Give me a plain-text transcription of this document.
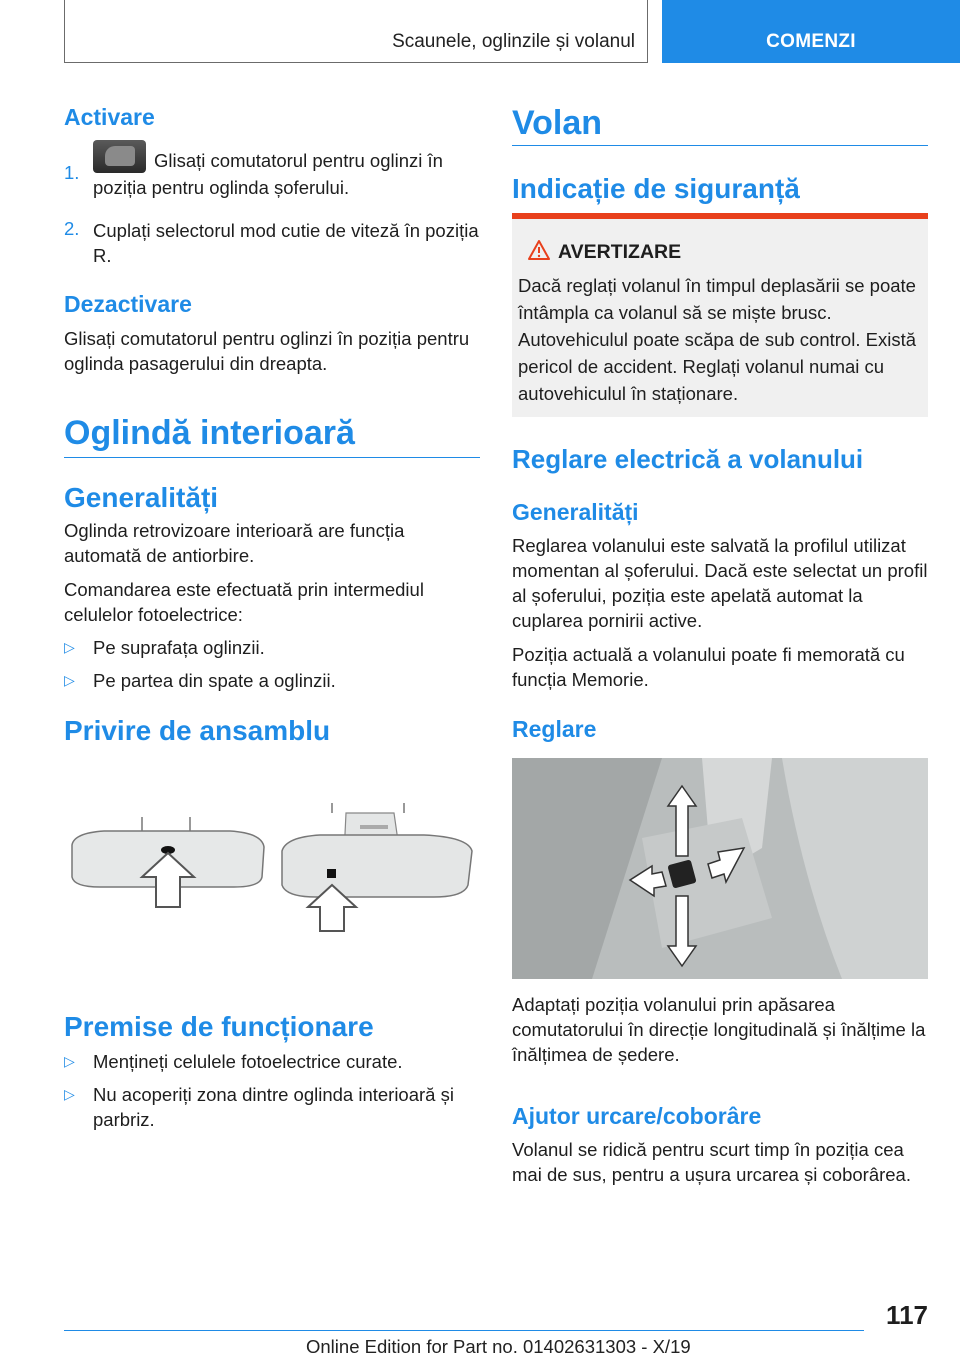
Scaunele, oglinzile și volanul	COMENZI
Activare
1.
Glisați comutatorul pentru oglinzi în poziția pentru oglinda șoferului.
2. Cuplați selectorul mod cutie de viteză în poziția R.
Dezactivare
Glisați comutatorul pentru oglinzi în poziția pentru oglinda pasagerului din dreapta.
Oglindă interioară
Generalități
Oglinda retrovizoare interioară are funcția automată de antiorbire.
Comandarea este efectuată prin intermediul celulelor fotoelectrice:
▷ Pe suprafața oglinzii.
▷ Pe partea din spate a oglinzii.
Privire de ansamblu
Premise de funcționare
▷ Mențineți celulele fotoelectrice curate.
▷ Nu acoperiți zona dintre oglinda interioară și parbriz.
Volan
Indicație de siguranță
AVERTIZARE
Dacă reglați volanul în timpul deplasării se poate întâmpla ca volanul să se miște brusc. Autovehiculul poate scăpa de sub control. Există pericol de accident. Reglați volanul numai cu autovehiculul în staționare.
Reglare electrică a volanului
Generalități
Reglarea volanului este salvată la profilul utilizat momentan al șoferului. Dacă este selectat un profil al șoferului, poziția este apelată automat la cuplarea pornirii active.
Poziția actuală a volanului poate fi memorată cu funcția Memorie.
Reglare
Adaptați poziția volanului prin apăsarea comutatorului în direcție longitudinală și înălțime la înălțimea de ședere.
Ajutor urcare/coborâre
Volanul se ridică pentru scurt timp în poziția cea mai de sus, pentru a ușura urcarea și coborârea.
117
Online Edition for Part no. 01402631303 - X/19
